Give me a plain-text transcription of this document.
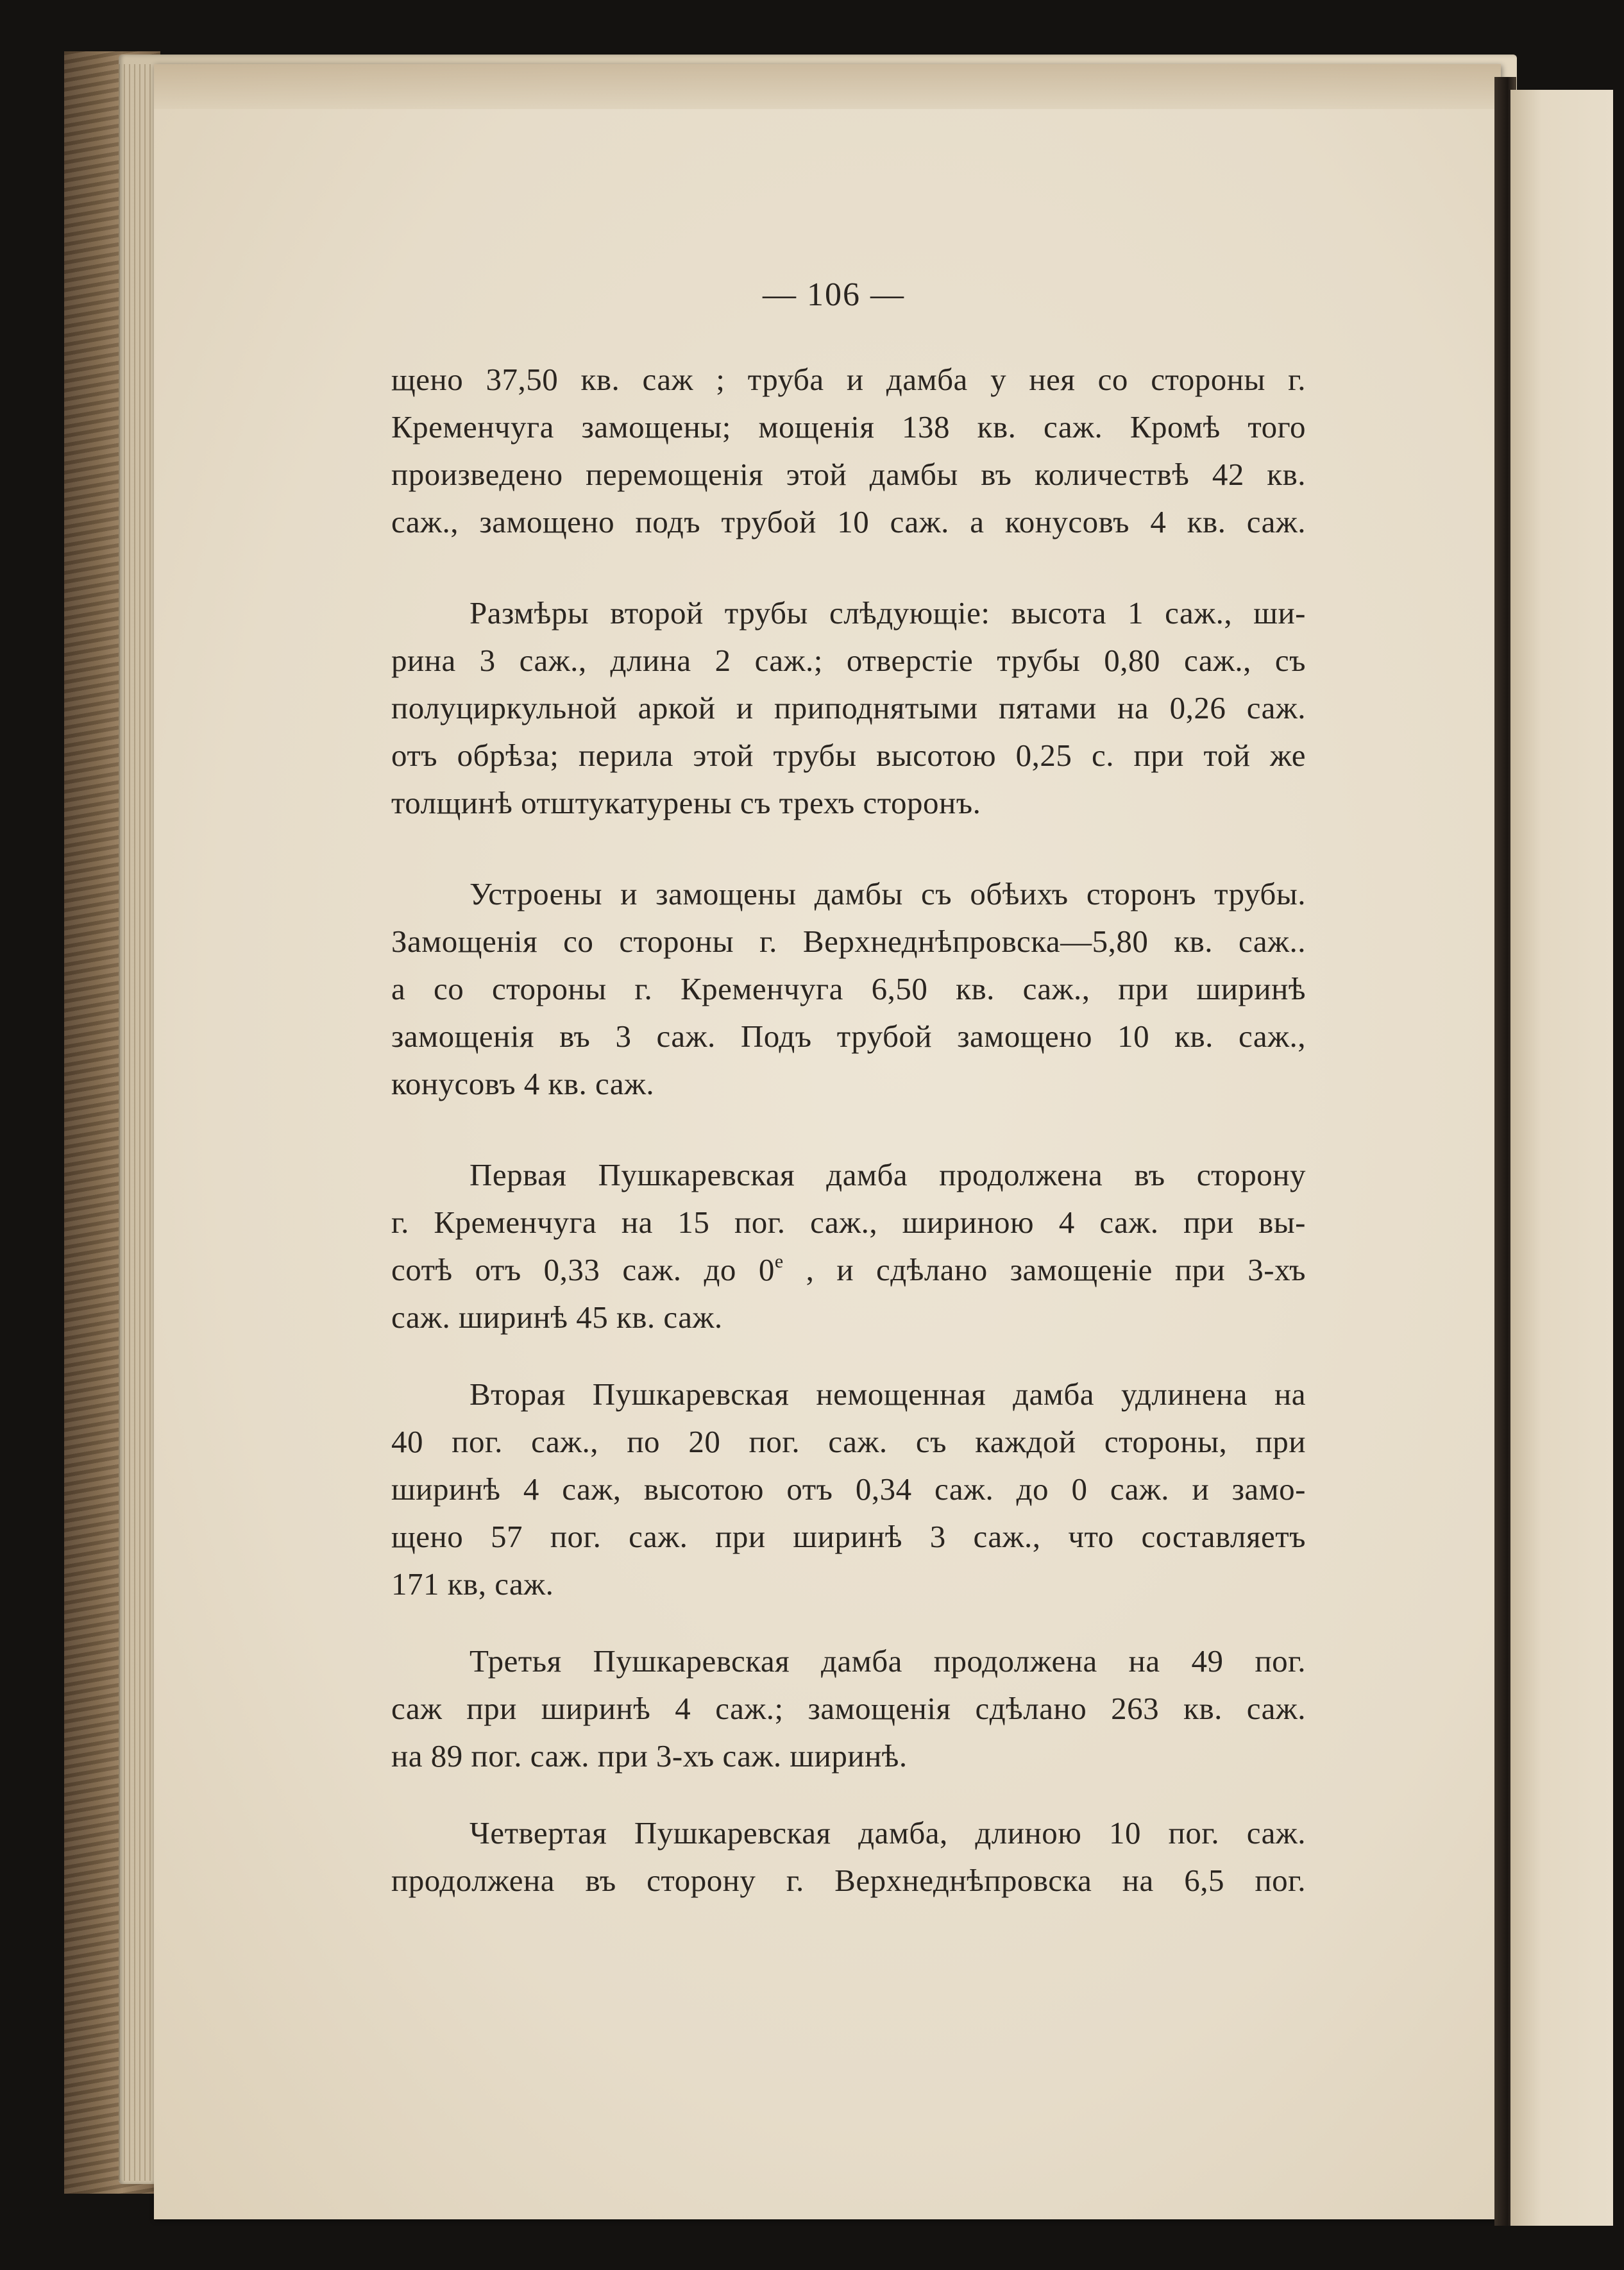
— 106 —
щено 37,50 кв. саж ; труба и дамба у нея со стороны г.
Кременчуга замощены; мощенія 138 кв. саж. Кромѣ того
произведено перемощенія этой дамбы въ количествѣ 42 кв.
саж., замощено подъ трубой 10 саж. а конусовъ 4 кв. саж.
Размѣры второй трубы слѣдующіе: высота 1 саж., ши-
рина 3 саж., длина 2 саж.; отверстіе трубы 0,80 саж., съ
полуциркульной аркой и приподнятыми пятами на 0,26 саж.
отъ обрѣза; перила этой трубы высотою 0,25 с. при той же
толщинѣ отштукатурены съ трехъ сторонъ.
Устроены и замощены дамбы съ обѣихъ сторонъ трубы.
Замощенія со стороны г. Верхнеднѣпровска—5,80 кв. саж..
а со стороны г. Кременчуга 6,50 кв. саж., при ширинѣ
замощенія въ 3 саж. Подъ трубой замощено 10 кв. саж.,
конусовъ 4 кв. саж.
Первая Пушкаревская дамба продолжена въ сторону
г. Кременчуга на 15 пог. саж., шириною 4 саж. при вы-
сотѣ отъ 0,33 саж. до $0^е$ , и сдѣлано замощеніе при 3-хъ
саж. ширинѣ 45 кв. саж.
Вторая Пушкаревская немощенная дамба удлинена на
40 пог. саж., по 20 пог. саж. съ каждой стороны, при
ширинѣ 4 саж, высотою отъ 0,34 саж. до 0 саж. и замо-
щено 57 пог. саж. при ширинѣ 3 саж., что составляетъ
171 кв, саж.
Третья Пушкаревская дамба продолжена на 49 пог.
саж при ширинѣ 4 саж.; замощенія сдѣлано 263 кв. саж.
на 89 пог. саж. при 3-хъ саж. ширинѣ.
Четвертая Пушкаревская дамба, длиною 10 пог. саж.
продолжена въ сторону г. Верхнеднѣпровска на 6,5 пог.
